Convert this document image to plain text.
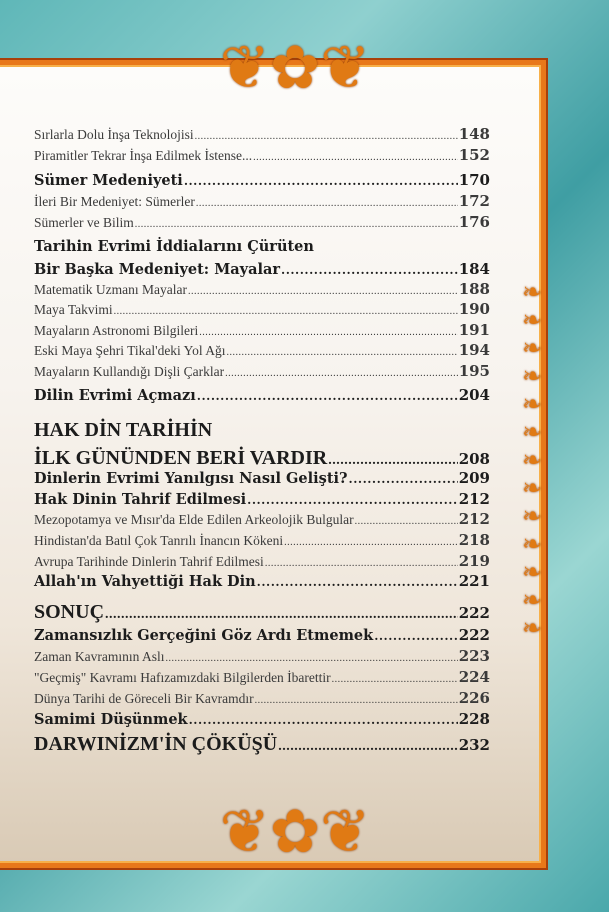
❦✿❦
❦✿❦
❧❧❧❧❧❧❧❧❧❧❧❧❧
Sırlarla Dolu İnşa Teknolojisi .....	148
Piramitler Tekrar İnşa Edilmek İstense... .....	152
Sümer Medeniyeti .....	170
İleri Bir Medeniyet: Sümerler .....	172
Sümerler ve Bilim .....	176
Tarihin Evrimi İddialarını Çürüten
Bir Başka Medeniyet: Mayalar .....	184
Matematik Uzmanı Mayalar .....	188
Maya Takvimi .....	190
Mayaların Astronomi Bilgileri .....	191
Eski Maya Şehri Tikal'deki Yol Ağı .....	194
Mayaların Kullandığı Dişli Çarklar .....	195
Dilin Evrimi Açmazı .....	204
HAK DİN TARİHİN
İLK GÜNÜNDEN BERİ VARDIR .....	208
Dinlerin Evrimi Yanılgısı Nasıl Gelişti? .....	209
Hak Dinin Tahrif Edilmesi .....	212
Mezopotamya ve Mısır'da Elde Edilen Arkeolojik Bulgular .....	212
Hindistan'da Batıl Çok Tanrılı İnancın Kökeni .....	218
Avrupa Tarihinde Dinlerin Tahrif Edilmesi .....	219
Allah'ın Vahyettiği Hak Din .....	221
SONUÇ .....	222
Zamansızlık Gerçeğini Göz Ardı Etmemek .....	222
Zaman Kavramının Aslı .....	223
"Geçmiş" Kavramı Hafızamızdaki Bilgilerden İbarettir .....	224
Dünya Tarihi de Göreceli Bir Kavramdır .....	226
Samimi Düşünmek .....	228
DARWINİZM'İN ÇÖKÜŞÜ .....	232
